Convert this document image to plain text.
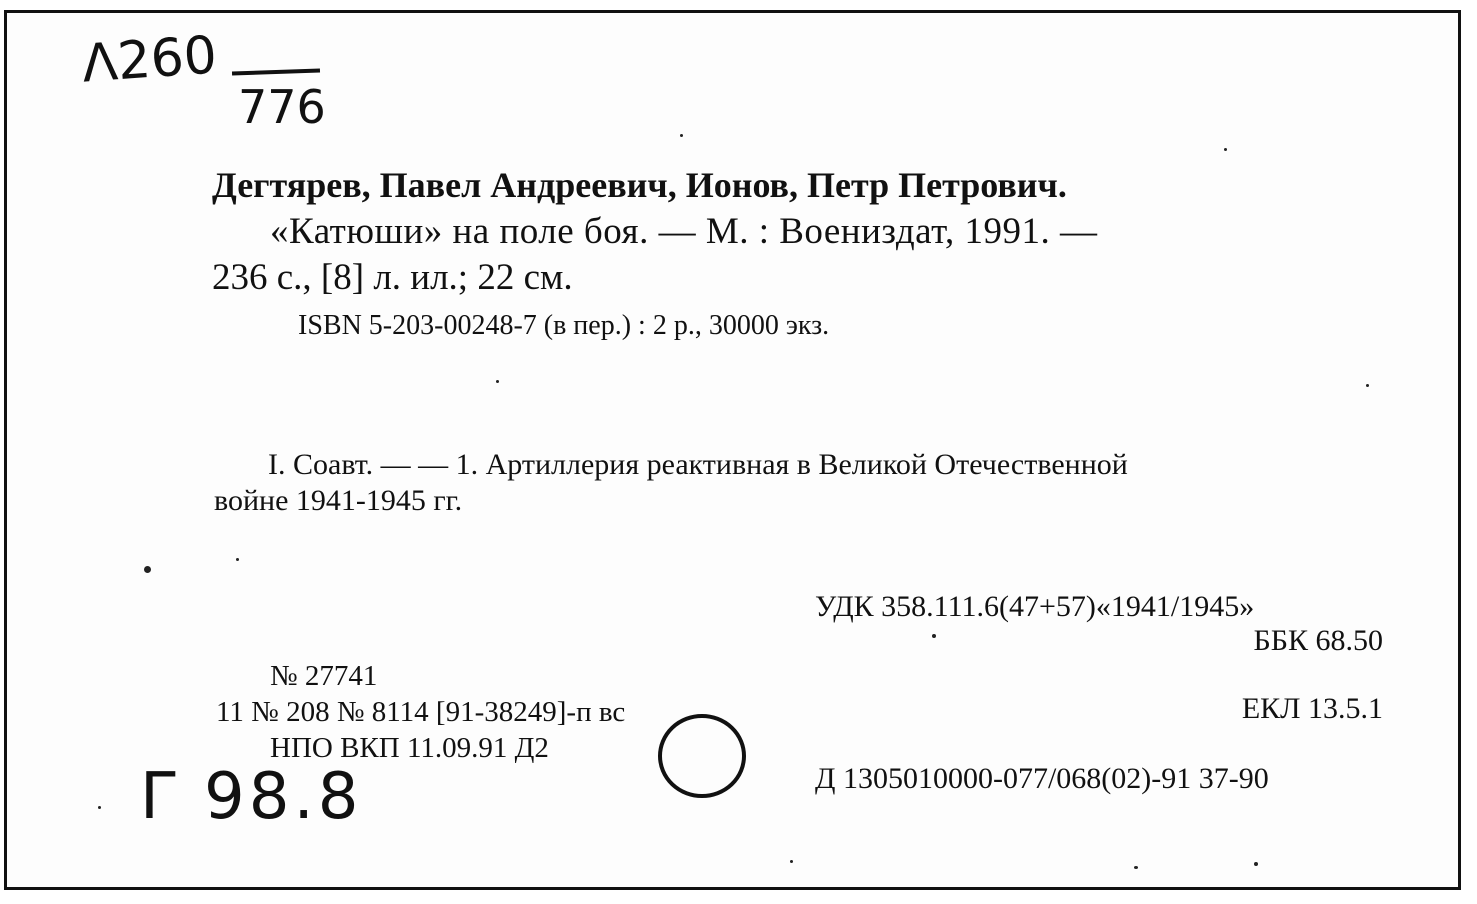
Λ260
776
Дегтярев, Павел Андреевич, Ионов, Петр Петрович.
«Катюши» на поле боя. — М. : Воениздат, 1991. —
236 с., [8] л. ил.; 22 см.
ISBN 5-203-00248-7 (в пер.) : 2 р., 30000 экз.
I. Соавт. — — 1. Артиллерия реактивная в Великой Отечественной
войне 1941-1945 гг.
УДК 358.111.6(47+57)«1941/1945»
ББК 68.50
ЕКЛ 13.5.1
Д 1305010000-077/068(02)-91 37-90
№ 27741
11 № 208 № 8114 [91-38249]-п вс
НПО ВКП 11.09.91 Д2
Γ 98.8
